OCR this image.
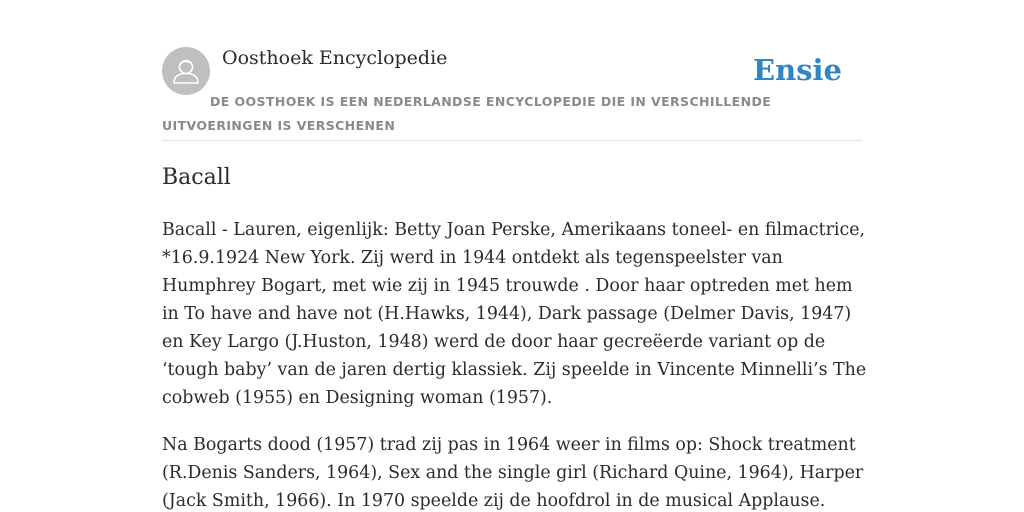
Oosthoek Encyclopedie	Ensie
DE OOSTHOEK IS EEN NEDERLANDSE ENCYCLOPEDIE DIE IN VERSCHILLENDE UITVOERINGEN IS VERSCHENEN
Bacall

Bacall - Lauren, eigenlijk: Betty Joan Perske, Amerikaans toneel- en filmactrice, *16.9.1924 New York. Zij werd in 1944 ontdekt als tegenspeelster van Humphrey Bogart, met wie zij in 1945 trouwde . Door haar optreden met hem in To have and have not (H.Hawks, 1944), Dark passage (Delmer Davis, 1947) en Key Largo (J.Huston, 1948) werd de door haar gecreëerde variant op de ‘tough baby’ van de jaren dertig klassiek. Zij speelde in Vincente Minnelli’s The cobweb (1955) en Designing woman (1957).

Na Bogarts dood (1957) trad zij pas in 1964 weer in films op: Shock treatment (R.Denis Sanders, 1964), Sex and the single girl (Richard Quine, 1964), Harper (Jack Smith, 1966). In 1970 speelde zij de hoofdrol in de musical Applause.
